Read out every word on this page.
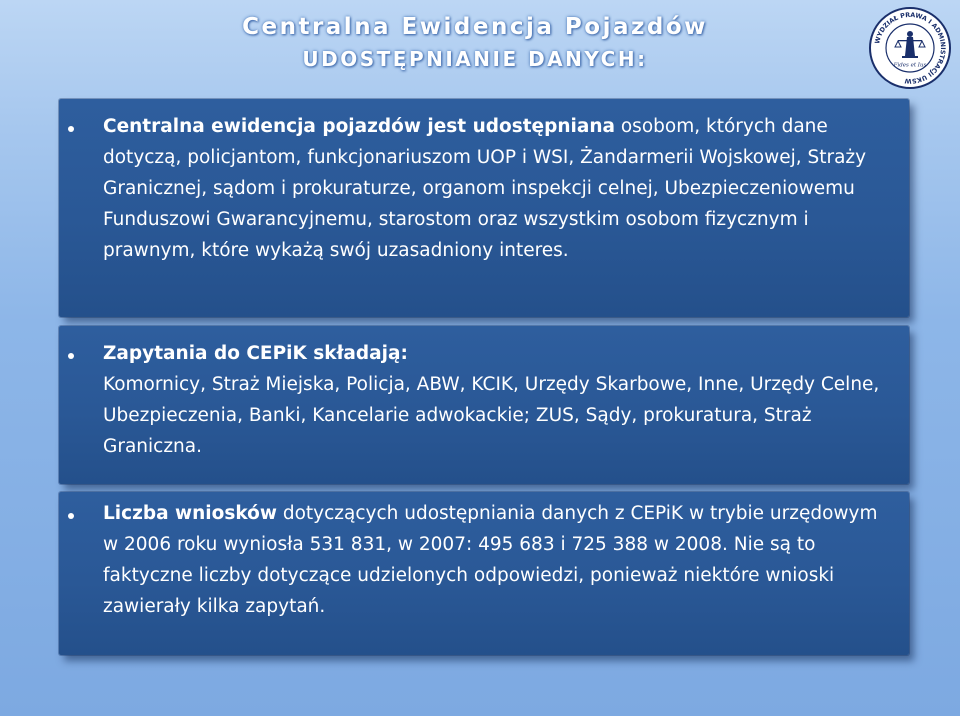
Centralna Ewidencja Pojazdów
UDOSTĘPNIANIE DANYCH:
WYDZIAŁ PRAWA I ADMINISTRACJI UKSW
Fides et Ius
Centralna ewidencja pojazdów jest udostępniana osobom, których dane dotyczą, policjantom, funkcjonariuszom UOP i WSI, Żandarmerii Wojskowej, Straży Granicznej, sądom i prokuraturze, organom inspekcji celnej, Ubezpieczeniowemu Funduszowi Gwarancyjnemu, starostom oraz wszystkim osobom fizycznym i prawnym, które wykażą swój uzasadniony interes.
Zapytania do CEPiK składają:
Komornicy, Straż Miejska, Policja, ABW, KCIK, Urzędy Skarbowe, Inne, Urzędy Celne, Ubezpieczenia, Banki, Kancelarie adwokackie; ZUS, Sądy, prokuratura, Straż Graniczna.
Liczba wniosków dotyczących udostępniania danych z CEPiK w trybie urzędowym w 2006 roku wyniosła 531 831, w 2007: 495 683 i 725 388 w 2008. Nie są to faktyczne liczby dotyczące udzielonych odpowiedzi, ponieważ niektóre wnioski zawierały kilka zapytań.
